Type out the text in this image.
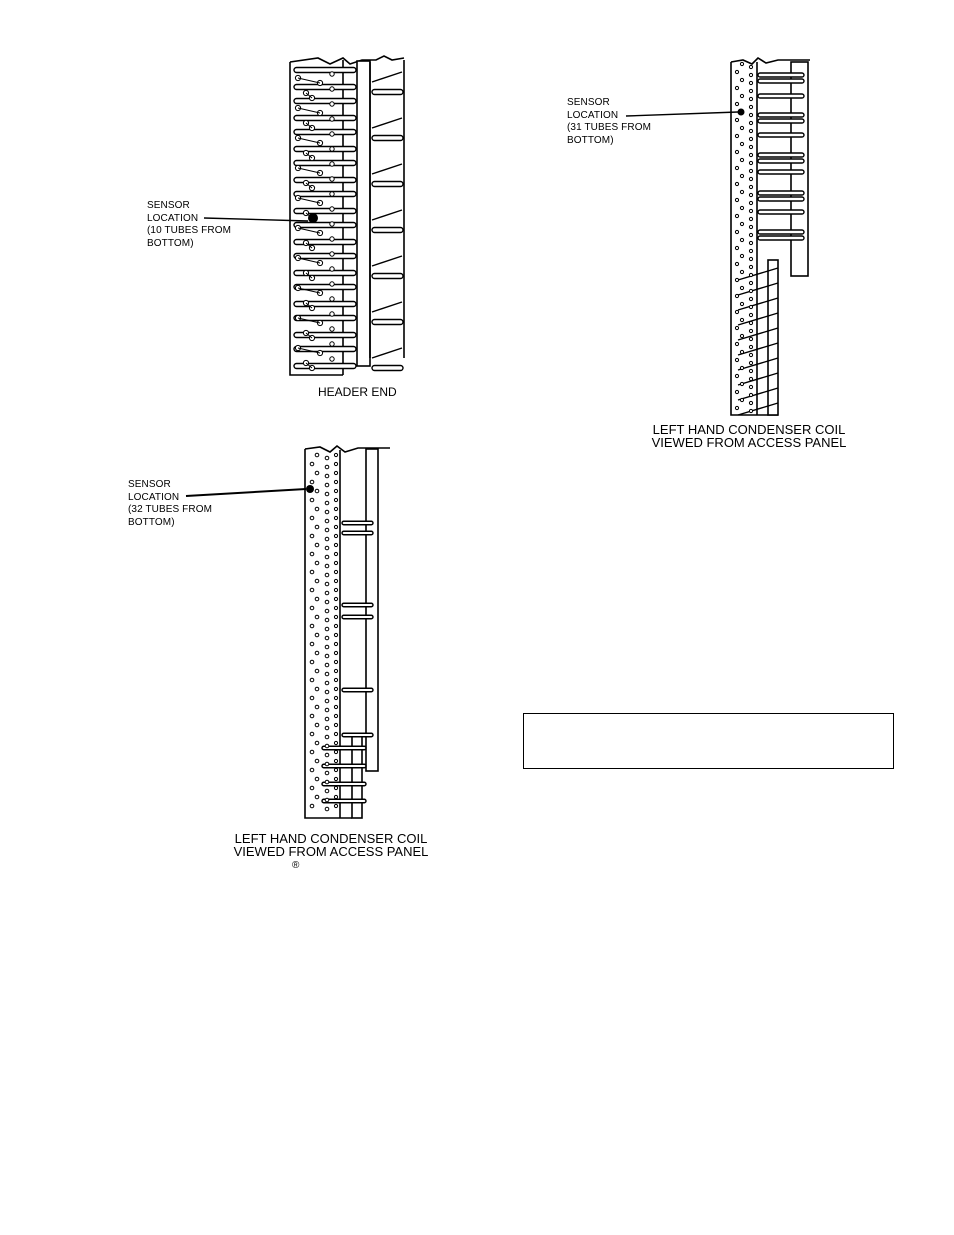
SENSOR
LOCATION
(10 TUBES FROM
BOTTOM)
HEADER END
SENSOR
LOCATION
(32 TUBES FROM
BOTTOM)
LEFT HAND CONDENSER COIL
VIEWED FROM ACCESS PANEL
®
SENSOR
LOCATION
(31 TUBES FROM
BOTTOM)
LEFT HAND CONDENSER COIL
VIEWED FROM ACCESS PANEL
